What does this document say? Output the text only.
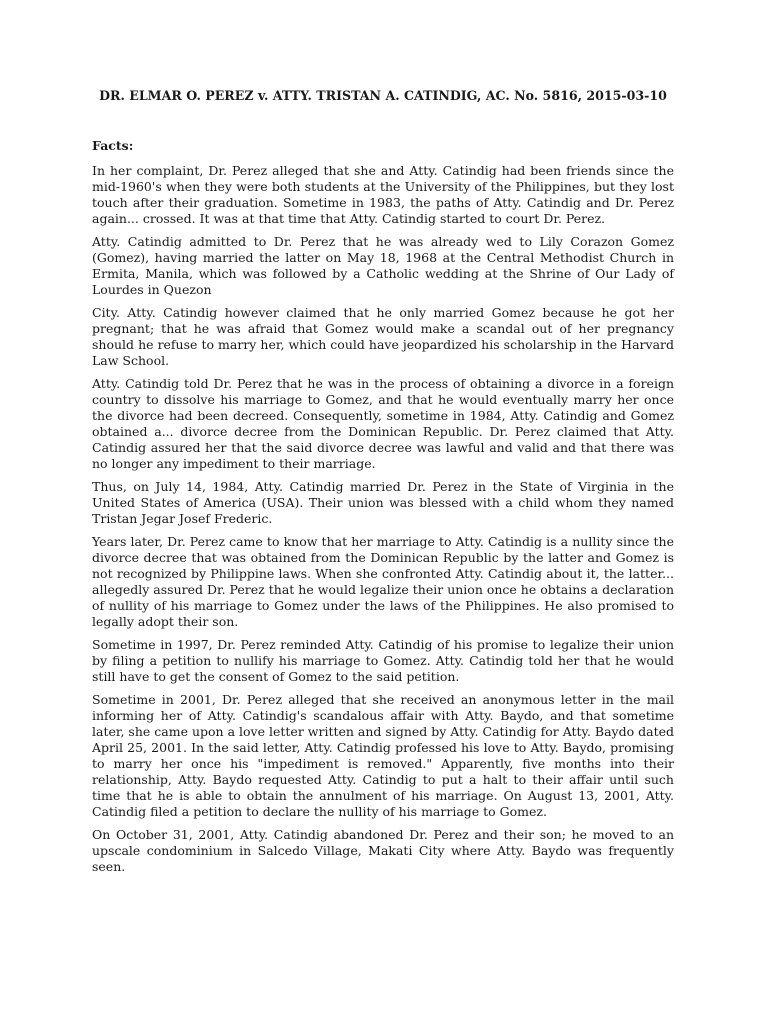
DR. ELMAR O. PEREZ v. ATTY. TRISTAN A. CATINDIG, AC. No. 5816, 2015-03-10
Facts:

In her complaint, Dr. Perez alleged that she and Atty. Catindig had been friends since the mid-1960's when they were both students at the University of the Philippines, but they lost touch after their graduation. Sometime in 1983, the paths of Atty. Catindig and Dr. Perez again... crossed. It was at that time that Atty. Catindig started to court Dr. Perez.

Atty. Catindig admitted to Dr. Perez that he was already wed to Lily Corazon Gomez (Gomez), having married the latter on May 18, 1968 at the Central Methodist Church in Ermita, Manila, which was followed by a Catholic wedding at the Shrine of Our Lady of Lourdes in Quezon

City. Atty. Catindig however claimed that he only married Gomez because he got her pregnant; that he was afraid that Gomez would make a scandal out of her pregnancy should he refuse to marry her, which could have jeopardized his scholarship in the Harvard Law School.

Atty. Catindig told Dr. Perez that he was in the process of obtaining a divorce in a foreign country to dissolve his marriage to Gomez, and that he would eventually marry her once the divorce had been decreed. Consequently, sometime in 1984, Atty. Catindig and Gomez obtained a... divorce decree from the Dominican Republic. Dr. Perez claimed that Atty. Catindig assured her that the said divorce decree was lawful and valid and that there was no longer any impediment to their marriage.

Thus, on July 14, 1984, Atty. Catindig married Dr. Perez in the State of Virginia in the United States of America (USA). Their union was blessed with a child whom they named Tristan Jegar Josef Frederic.

Years later, Dr. Perez came to know that her marriage to Atty. Catindig is a nullity since the divorce decree that was obtained from the Dominican Republic by the latter and Gomez is not recognized by Philippine laws. When she confronted Atty. Catindig about it, the latter... allegedly assured Dr. Perez that he would legalize their union once he obtains a declaration of nullity of his marriage to Gomez under the laws of the Philippines. He also promised to legally adopt their son.

Sometime in 1997, Dr. Perez reminded Atty. Catindig of his promise to legalize their union by filing a petition to nullify his marriage to Gomez. Atty. Catindig told her that he would still have to get the consent of Gomez to the said petition.

Sometime in 2001, Dr. Perez alleged that she received an anonymous letter in the mail informing her of Atty. Catindig's scandalous affair with Atty. Baydo, and that sometime later, she came upon a love letter written and signed by Atty. Catindig for Atty. Baydo dated April 25, 2001. In the said letter, Atty. Catindig professed his love to Atty. Baydo, promising to marry her once his "impediment is removed." Apparently, five months into their relationship, Atty. Baydo requested Atty. Catindig to put a halt to their affair until such time that he is able to obtain the annulment of his marriage. On August 13, 2001, Atty. Catindig filed a petition to declare the nullity of his marriage to Gomez.

On October 31, 2001, Atty. Catindig abandoned Dr. Perez and their son; he moved to an upscale condominium in Salcedo Village, Makati City where Atty. Baydo was frequently seen.
